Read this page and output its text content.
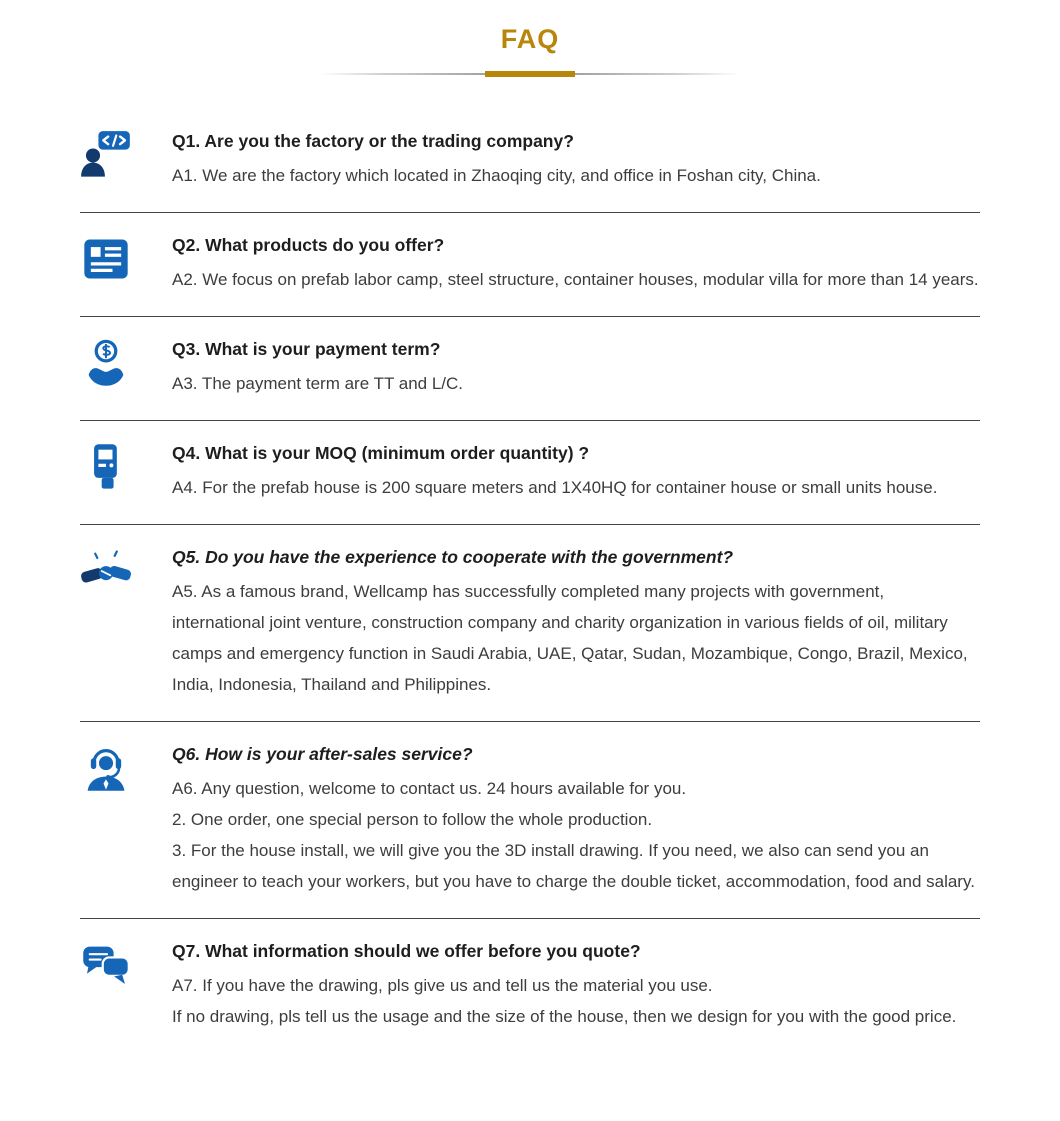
FAQ
Q1. Are you the factory or the trading company?

A1. We are the factory which located in Zhaoqing city, and office in Foshan city, China.

Q2. What products do you offer?

A2. We focus on prefab labor camp, steel structure, container houses, modular villa for more than 14 years.

Q3. What is your payment term?

A3. The payment term are TT and L/C.

Q4. What is your MOQ (minimum order quantity) ?

A4. For the prefab house is 200 square meters and 1X40HQ for container house or small units house.

Q5. Do you have the experience to cooperate with the government?

A5. As a famous brand, Wellcamp has successfully completed many projects with government, international joint venture, construction company and charity organization in various fields of oil, military camps and emergency function in Saudi Arabia, UAE, Qatar, Sudan, Mozambique, Congo, Brazil, Mexico, India, Indonesia, Thailand and Philippines.

Q6. How is your after-sales service?

A6. Any question, welcome to contact us. 24 hours available for you.

2. One order, one special person to follow the whole production.

3. For the house install, we will give you the 3D install drawing. If you need, we also can send you an engineer to teach your workers, but you have to charge the double ticket, accommodation, food and salary.

Q7. What information should we offer before you quote?

A7. If you have the drawing, pls give us and tell us the material you use.

If no drawing, pls tell us the usage and the size of the house, then we design for you with the good price.
